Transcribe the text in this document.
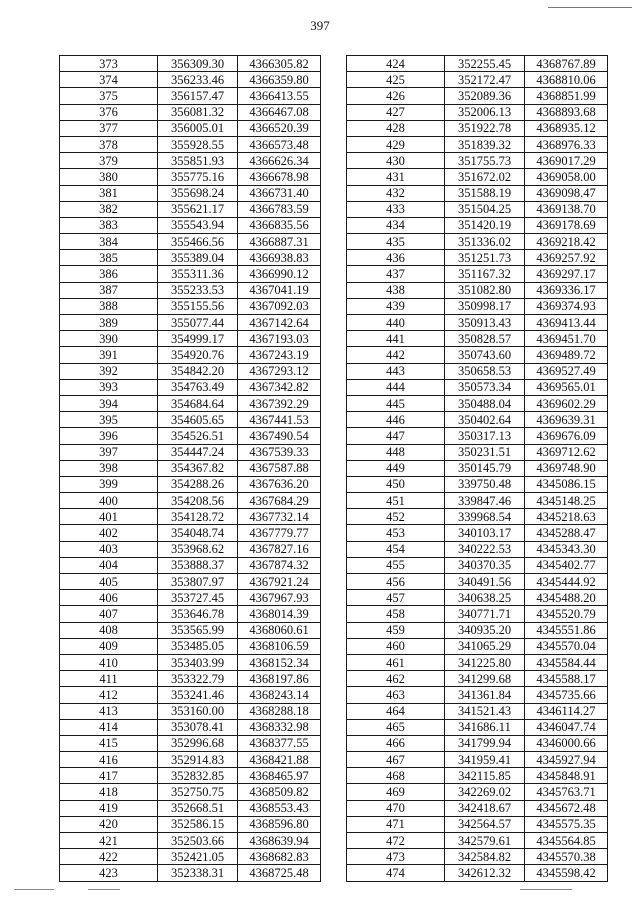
397
373	356309.30	4366305.82
374	356233.46	4366359.80
375	356157.47	4366413.55
376	356081.32	4366467.08
377	356005.01	4366520.39
378	355928.55	4366573.48
379	355851.93	4366626.34
380	355775.16	4366678.98
381	355698.24	4366731.40
382	355621.17	4366783.59
383	355543.94	4366835.56
384	355466.56	4366887.31
385	355389.04	4366938.83
386	355311.36	4366990.12
387	355233.53	4367041.19
388	355155.56	4367092.03
389	355077.44	4367142.64
390	354999.17	4367193.03
391	354920.76	4367243.19
392	354842.20	4367293.12
393	354763.49	4367342.82
394	354684.64	4367392.29
395	354605.65	4367441.53
396	354526.51	4367490.54
397	354447.24	4367539.33
398	354367.82	4367587.88
399	354288.26	4367636.20
400	354208.56	4367684.29
401	354128.72	4367732.14
402	354048.74	4367779.77
403	353968.62	4367827.16
404	353888.37	4367874.32
405	353807.97	4367921.24
406	353727.45	4367967.93
407	353646.78	4368014.39
408	353565.99	4368060.61
409	353485.05	4368106.59
410	353403.99	4368152.34
411	353322.79	4368197.86
412	353241.46	4368243.14
413	353160.00	4368288.18
414	353078.41	4368332.98
415	352996.68	4368377.55
416	352914.83	4368421.88
417	352832.85	4368465.97
418	352750.75	4368509.82
419	352668.51	4368553.43
420	352586.15	4368596.80
421	352503.66	4368639.94
422	352421.05	4368682.83
423	352338.31	4368725.48
424	352255.45	4368767.89
425	352172.47	4368810.06
426	352089.36	4368851.99
427	352006.13	4368893.68
428	351922.78	4368935.12
429	351839.32	4368976.33
430	351755.73	4369017.29
431	351672.02	4369058.00
432	351588.19	4369098.47
433	351504.25	4369138.70
434	351420.19	4369178.69
435	351336.02	4369218.42
436	351251.73	4369257.92
437	351167.32	4369297.17
438	351082.80	4369336.17
439	350998.17	4369374.93
440	350913.43	4369413.44
441	350828.57	4369451.70
442	350743.60	4369489.72
443	350658.53	4369527.49
444	350573.34	4369565.01
445	350488.04	4369602.29
446	350402.64	4369639.31
447	350317.13	4369676.09
448	350231.51	4369712.62
449	350145.79	4369748.90
450	339750.48	4345086.15
451	339847.46	4345148.25
452	339968.54	4345218.63
453	340103.17	4345288.47
454	340222.53	4345343.30
455	340370.35	4345402.77
456	340491.56	4345444.92
457	340638.25	4345488.20
458	340771.71	4345520.79
459	340935.20	4345551.86
460	341065.29	4345570.04
461	341225.80	4345584.44
462	341299.68	4345588.17
463	341361.84	4345735.66
464	341521.43	4346114.27
465	341686.11	4346047.74
466	341799.94	4346000.66
467	341959.41	4345927.94
468	342115.85	4345848.91
469	342269.02	4345763.71
470	342418.67	4345672.48
471	342564.57	4345575.35
472	342579.61	4345564.85
473	342584.82	4345570.38
474	342612.32	4345598.42
